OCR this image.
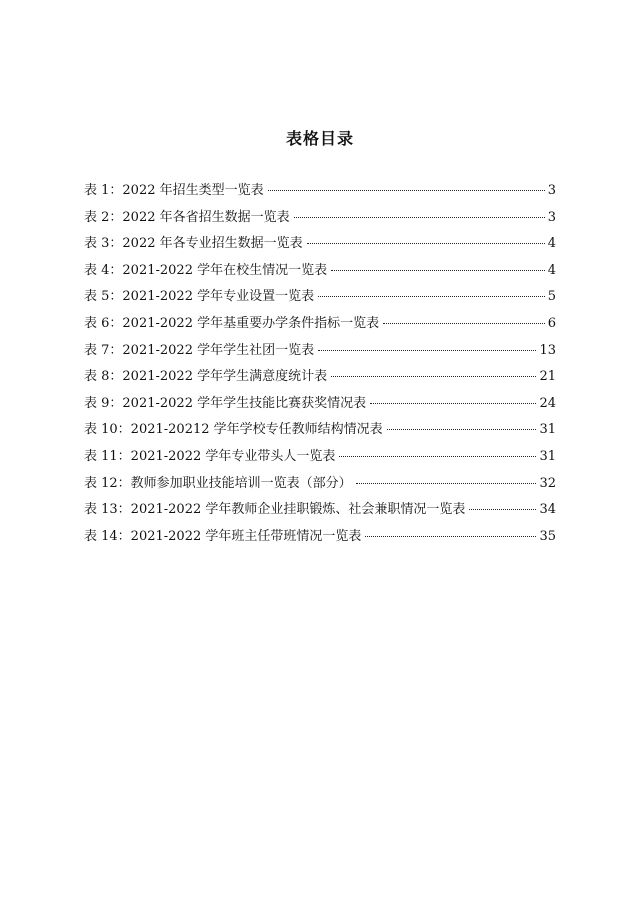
表格目录
表 1：2022 年招生类型一览表	3
表 2：2022 年各省招生数据一览表	3
表 3：2022 年各专业招生数据一览表	4
表 4：2021-2022 学年在校生情况一览表	4
表 5：2021-2022 学年专业设置一览表	5
表 6：2021-2022 学年基重要办学条件指标一览表	6
表 7：2021-2022 学年学生社团一览表	13
表 8：2021-2022 学年学生满意度统计表	21
表 9：2021-2022 学年学生技能比赛获奖情况表	24
表 10：2021-20212 学年学校专任教师结构情况表	31
表 11：2021-2022 学年专业带头人一览表	31
表 12：教师参加职业技能培训一览表（部分）	32
表 13：2021-2022 学年教师企业挂职锻炼、社会兼职情况一览表	34
表 14：2021-2022 学年班主任带班情况一览表	35
